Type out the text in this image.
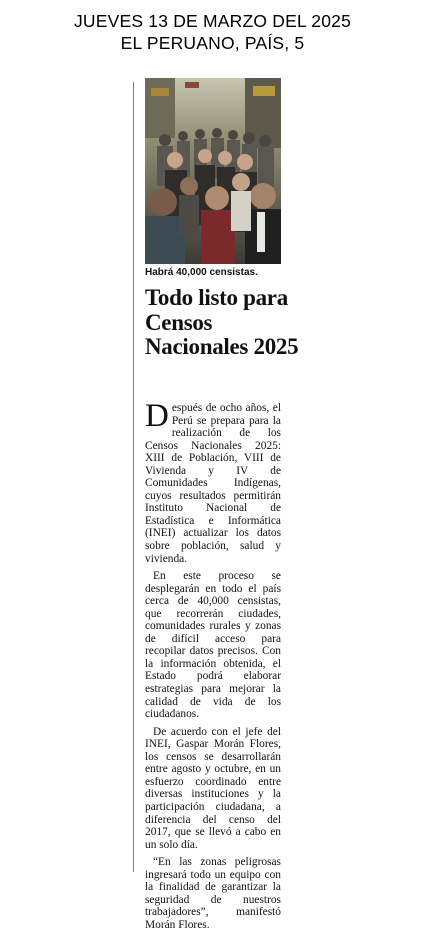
JUEVES 13 DE MARZO DEL 2025
EL PERUANO, PAÍS, 5
Habrá 40,000 censistas.
Todo listo para Censos Nacionales 2025

Después de ocho años, el Perú se prepara para la realización de los Censos Nacionales 2025: XIII de Población, VIII de Vivienda y IV de Comunidades Indígenas, cuyos resultados permitirán Instituto Nacional de Estadística e Informática (INEI) actualizar los datos sobre población, salud y vivienda.

En este proceso se desplegarán en todo el país cerca de 40,000 censistas, que recorrerán ciudades, comunidades rurales y zonas de difícil acceso para recopilar datos precisos. Con la información obtenida, el Estado podrá elaborar estrategias para mejorar la calidad de vida de los ciudadanos.

De acuerdo con el jefe del INEI, Gaspar Morán Flores, los censos se desarrollarán entre agosto y octubre, en un esfuerzo coordinado entre diversas instituciones y la participación ciudadana, a diferencia del censo del 2017, que se llevó a cabo en un solo día.

“En las zonas peligrosas ingresará todo un equipo con la finalidad de garantizar la seguridad de nuestros trabajadores”, manifestó Morán Flores.
